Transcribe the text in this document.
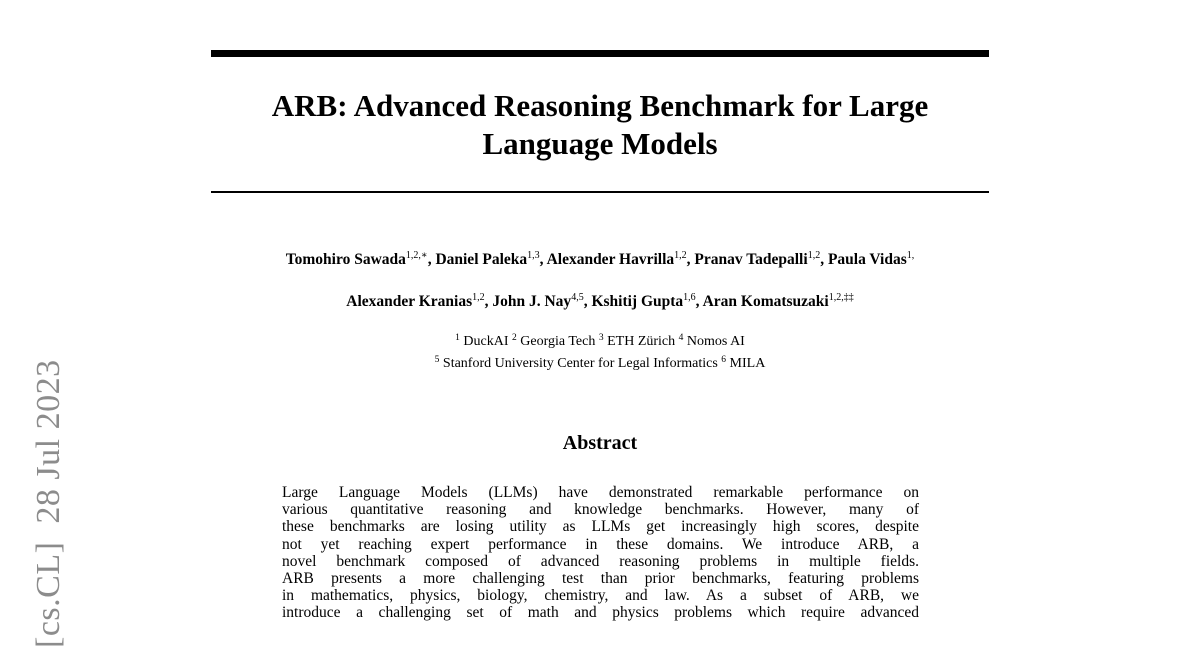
[cs.CL]28 Jul 2023
ARB: Advanced Reasoning Benchmark for Large
Language Models
Tomohiro Sawada$^{1,2,∗}$, Daniel Paleka$^{1,3}$, Alexander Havrilla$^{1,2}$, Pranav Tadepalli$^{1,2}$, Paula Vidas$^{1,}$
Alexander Kranias$^{1,2}$, John J. Nay$^{4,5}$, Kshitij Gupta$^{1,6}$, Aran Komatsuzaki$^{1,2,\ddagger\ddagger}$
$^1$ DuckAI $^2$ Georgia Tech $^3$ ETH Zürich $^4$ Nomos AI
$^5$ Stanford University Center for Legal Informatics $^6$ MILA
Abstract
Large Language Models (LLMs) have demonstrated remarkable performance on
various quantitative reasoning and knowledge benchmarks. However, many of
these benchmarks are losing utility as LLMs get increasingly high scores, despite
not yet reaching expert performance in these domains. We introduce ARB, a
novel benchmark composed of advanced reasoning problems in multiple fields.
ARB presents a more challenging test than prior benchmarks, featuring problems
in mathematics, physics, biology, chemistry, and law. As a subset of ARB, we
introduce a challenging set of math and physics problems which require advanced
